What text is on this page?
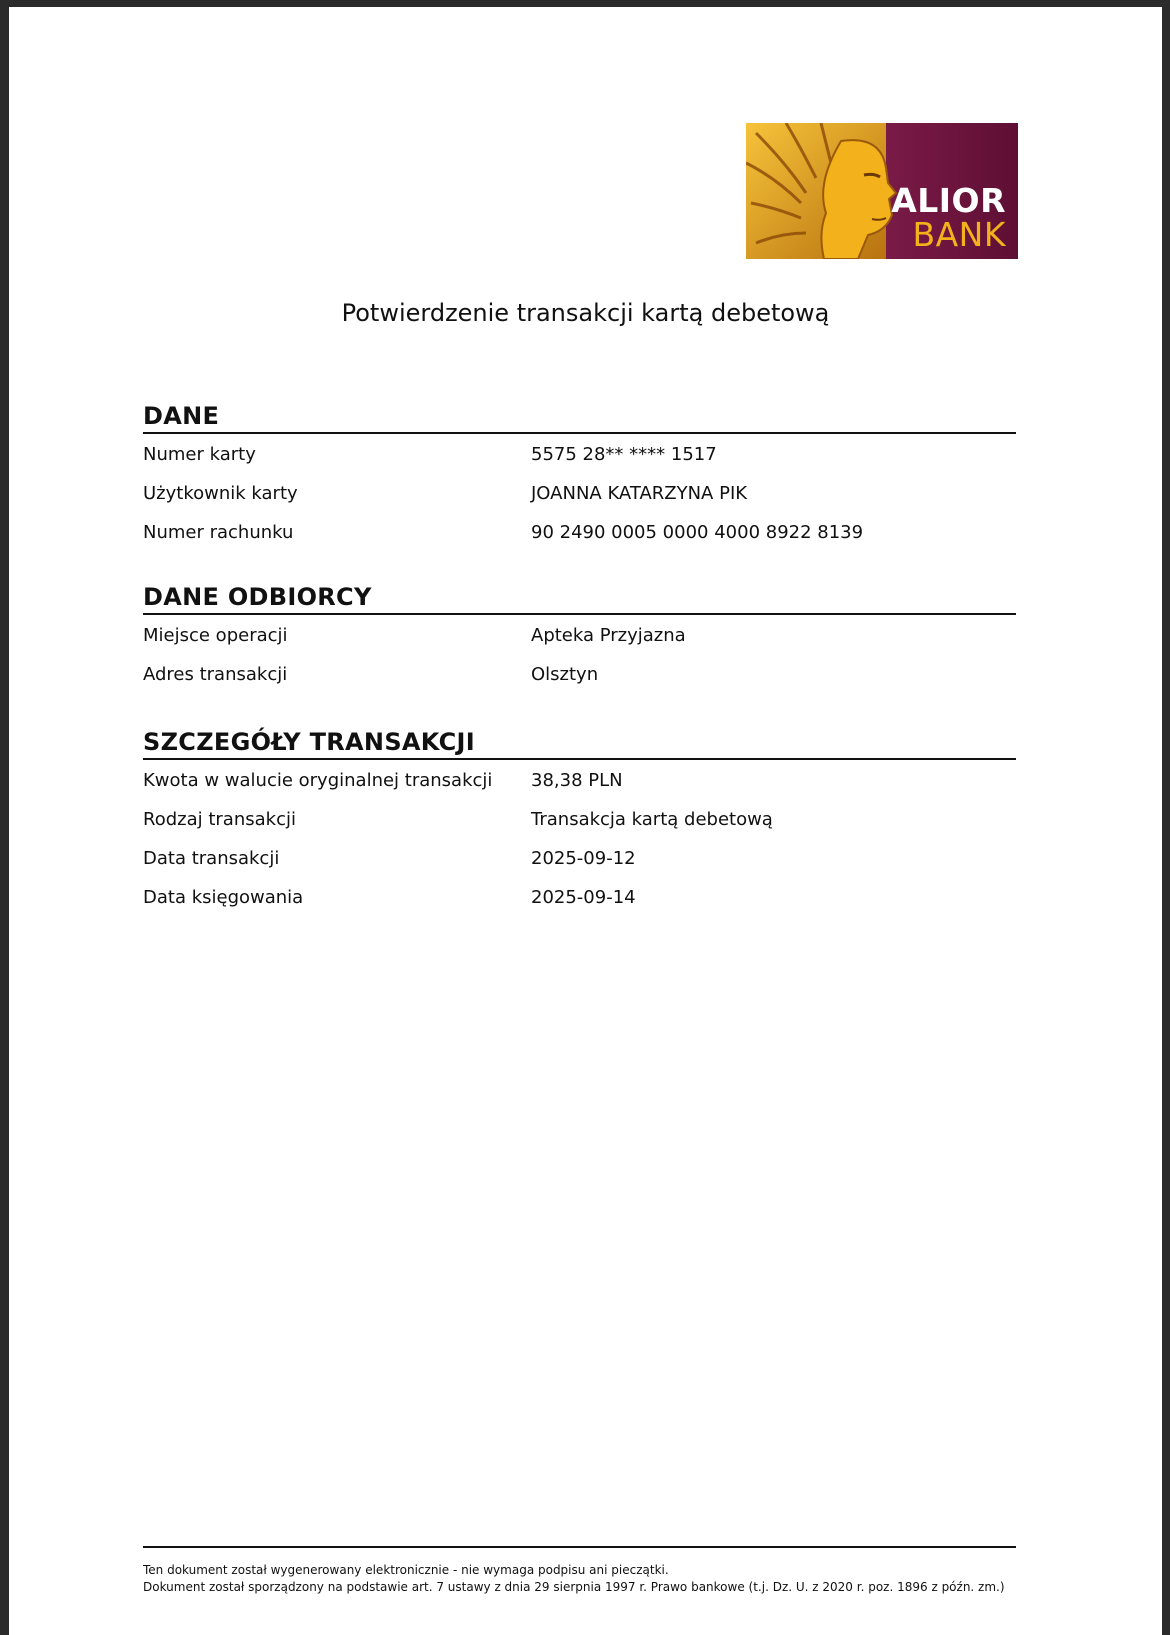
ALIOR
BANK
Potwierdzenie transakcji kartą debetową
DANE
Numer karty	5575 28** **** 1517
Użytkownik karty	JOANNA KATARZYNA PIK
Numer rachunku	90 2490 0005 0000 4000 8922 8139
DANE ODBIORCY
Miejsce operacji	Apteka Przyjazna
Adres transakcji	Olsztyn
SZCZEGÓŁY TRANSAKCJI
Kwota w walucie oryginalnej transakcji 38,38 PLN
Rodzaj transakcji	Transakcja kartą debetową
Data transakcji	2025-09-12
Data księgowania	2025-09-14
Ten dokument został wygenerowany elektronicznie - nie wymaga podpisu ani pieczątki.
Dokument został sporządzony na podstawie art. 7 ustawy z dnia 29 sierpnia 1997 r. Prawo bankowe (t.j. Dz. U. z 2020 r. poz. 1896 z późn. zm.)
